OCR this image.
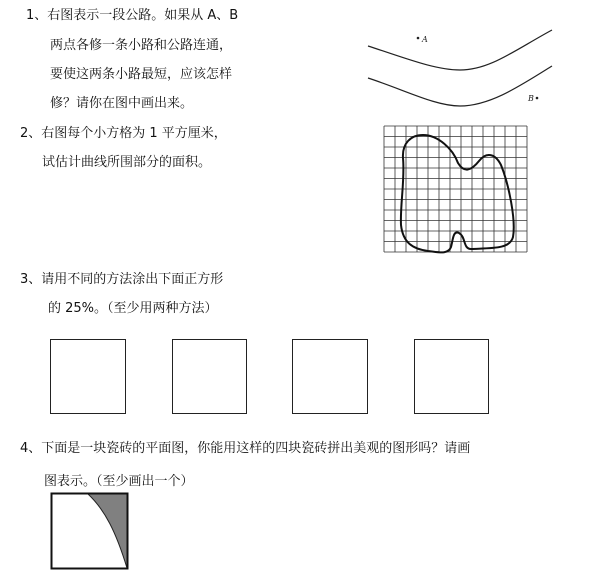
1、右图表示一段公路。如果从 A、B
两点各修一条小路和公路连通，
要使这两条小路最短，应该怎样
修？请你在图中画出来。
A
B
2、右图每个小方格为 1 平方厘米，
试估计曲线所围部分的面积。
3、请用不同的方法涂出下面正方形
的 25%。（至少用两种方法）
4、下面是一块瓷砖的平面图，你能用这样的四块瓷砖拼出美观的图形吗？请画
图表示。（至少画出一个）
